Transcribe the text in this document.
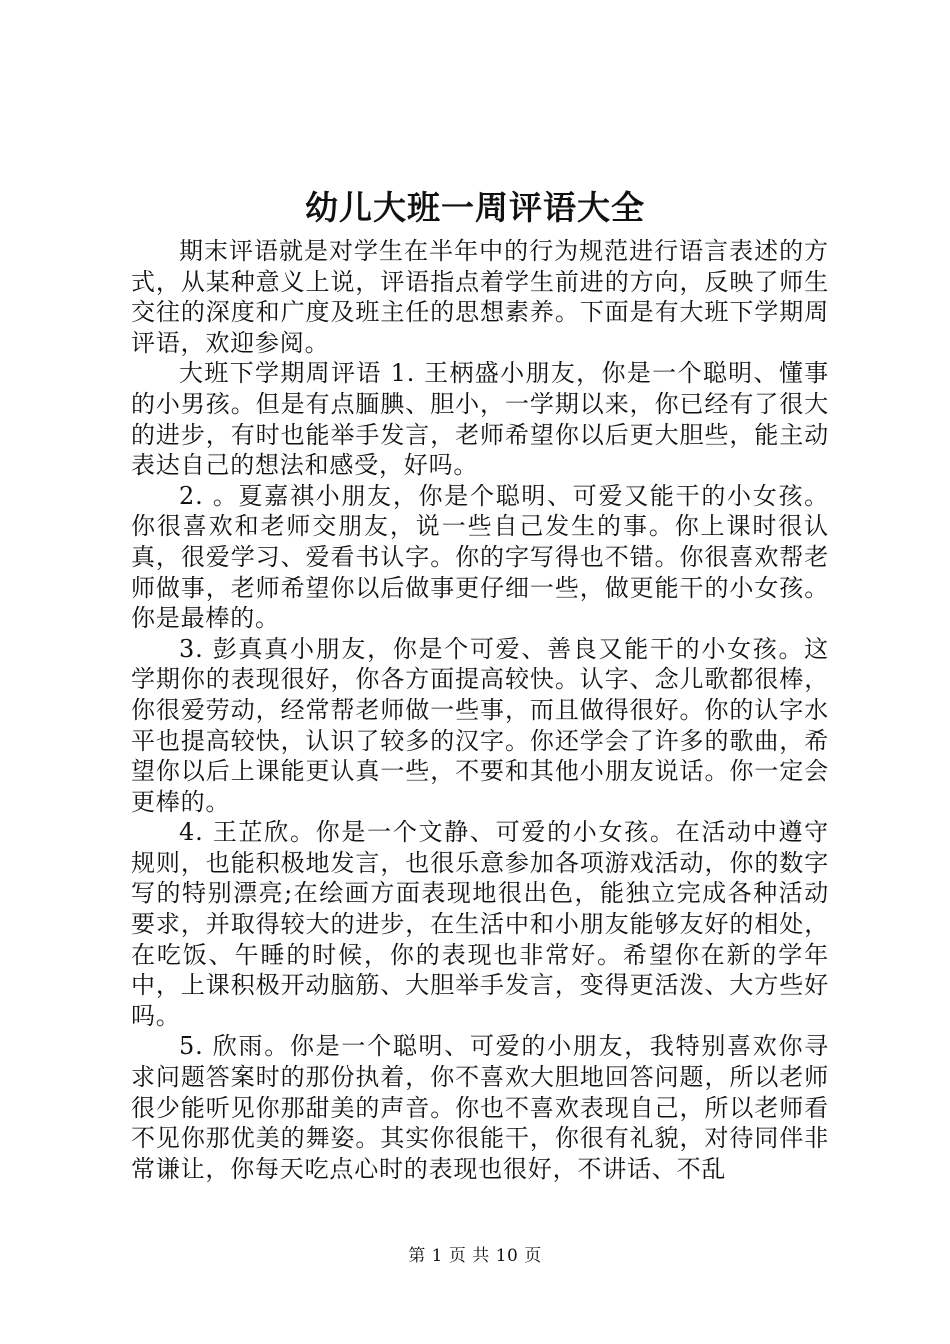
幼儿大班一周评语大全

期末评语就是对学生在半年中的行为规范进行语言表述的方式，从某种意义上说，评语指点着学生前进的方向，反映了师生交往的深度和广度及班主任的思想素养。下面是有大班下学期周评语，欢迎参阅。

大班下学期周评语 1. 王柄盛小朋友，你是一个聪明、懂事的小男孩。但是有点腼腆、胆小，一学期以来，你已经有了很大的进步，有时也能举手发言，老师希望你以后更大胆些，能主动表达自己的想法和感受，好吗。

2. 。夏嘉祺小朋友，你是个聪明、可爱又能干的小女孩。你很喜欢和老师交朋友，说一些自己发生的事。你上课时很认真，很爱学习、爱看书认字。你的字写得也不错。你很喜欢帮老师做事，老师希望你以后做事更仔细一些，做更能干的小女孩。你是最棒的。

3. 彭真真小朋友，你是个可爱、善良又能干的小女孩。这学期你的表现很好，你各方面提高较快。认字、念儿歌都很棒，你很爱劳动，经常帮老师做一些事，而且做得很好。你的认字水平也提高较快，认识了较多的汉字。你还学会了许多的歌曲，希望你以后上课能更认真一些，不要和其他小朋友说话。你一定会更棒的。

4. 王芷欣。你是一个文静、可爱的小女孩。在活动中遵守规则，也能积极地发言，也很乐意参加各项游戏活动，你的数字写的特别漂亮;在绘画方面表现地很出色，能独立完成各种活动要求，并取得较大的进步，在生活中和小朋友能够友好的相处，在吃饭、午睡的时候，你的表现也非常好。希望你在新的学年中，上课积极开动脑筋、大胆举手发言，变得更活泼、大方些好吗。

5. 欣雨。你是一个聪明、可爱的小朋友，我特别喜欢你寻求问题答案时的那份执着，你不喜欢大胆地回答问题，所以老师很少能听见你那甜美的声音。你也不喜欢表现自己，所以老师看不见你那优美的舞姿。其实你很能干，你很有礼貌，对待同伴非常谦让，你每天吃点心时的表现也很好，不讲话、不乱

第 1 页 共 10 页
